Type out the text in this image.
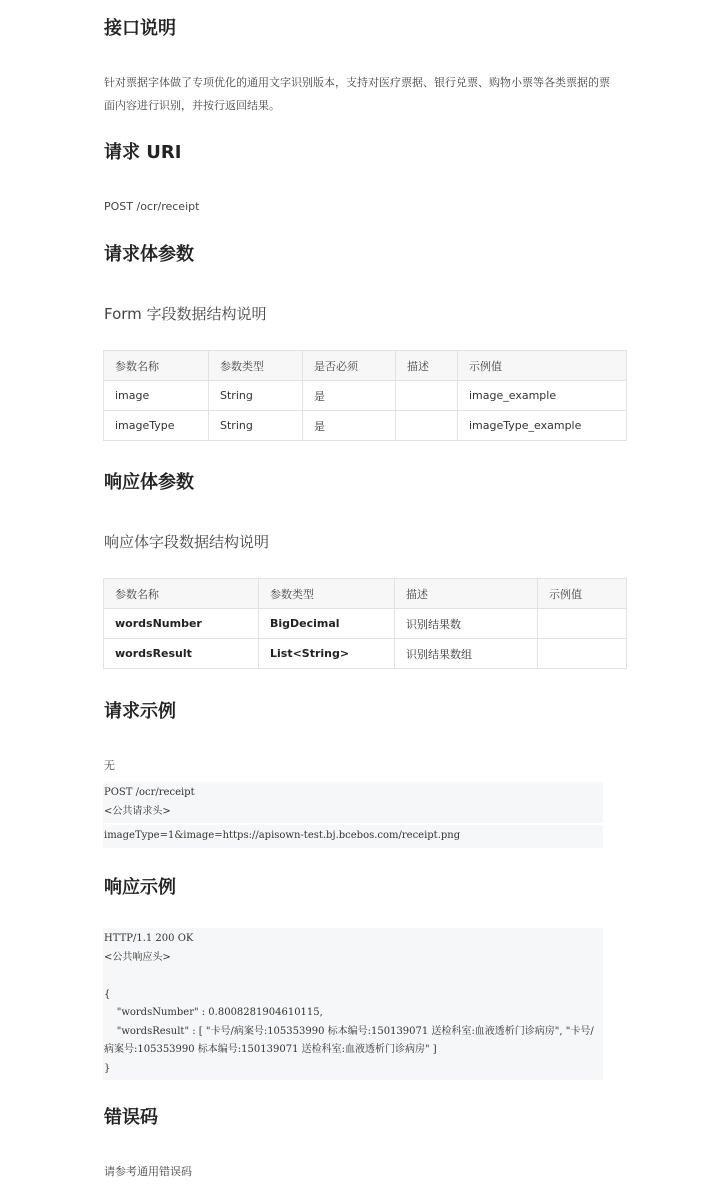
接口说明

针对票据字体做了专项优化的通用文字识别版本，支持对医疗票据、银行兑票、购物小票等各类票据的票面内容进行识别，并按行返回结果。

请求 URI

POST /ocr/receipt

请求体参数
Form 字段数据结构说明
参数名称	参数类型	是否必须	描述	示例值
image	String	是		image_example
imageType	String	是		imageType_example
响应体参数
响应体字段数据结构说明
参数名称	参数类型	描述	示例值
wordsNumber	BigDecimal	识别结果数	
wordsResult	List<String>	识别结果数组	
请求示例

无

POST /ocr/receipt
<公共请求头>
imageType=1&image=https://apisown-test.bj.bcebos.com/receipt.png
响应示例
HTTP/1.1 200 OK
<公共响应头>
{
"wordsNumber" : 0.8008281904610115,
"wordsResult" : [ "卡号/病案号:105353990 标本编号:150139071 送检科室:血液透析门诊病房", "卡号/病案号:105353990 标本编号:150139071 送检科室:血液透析门诊病房" ]
}
错误码

请参考通用错误码
